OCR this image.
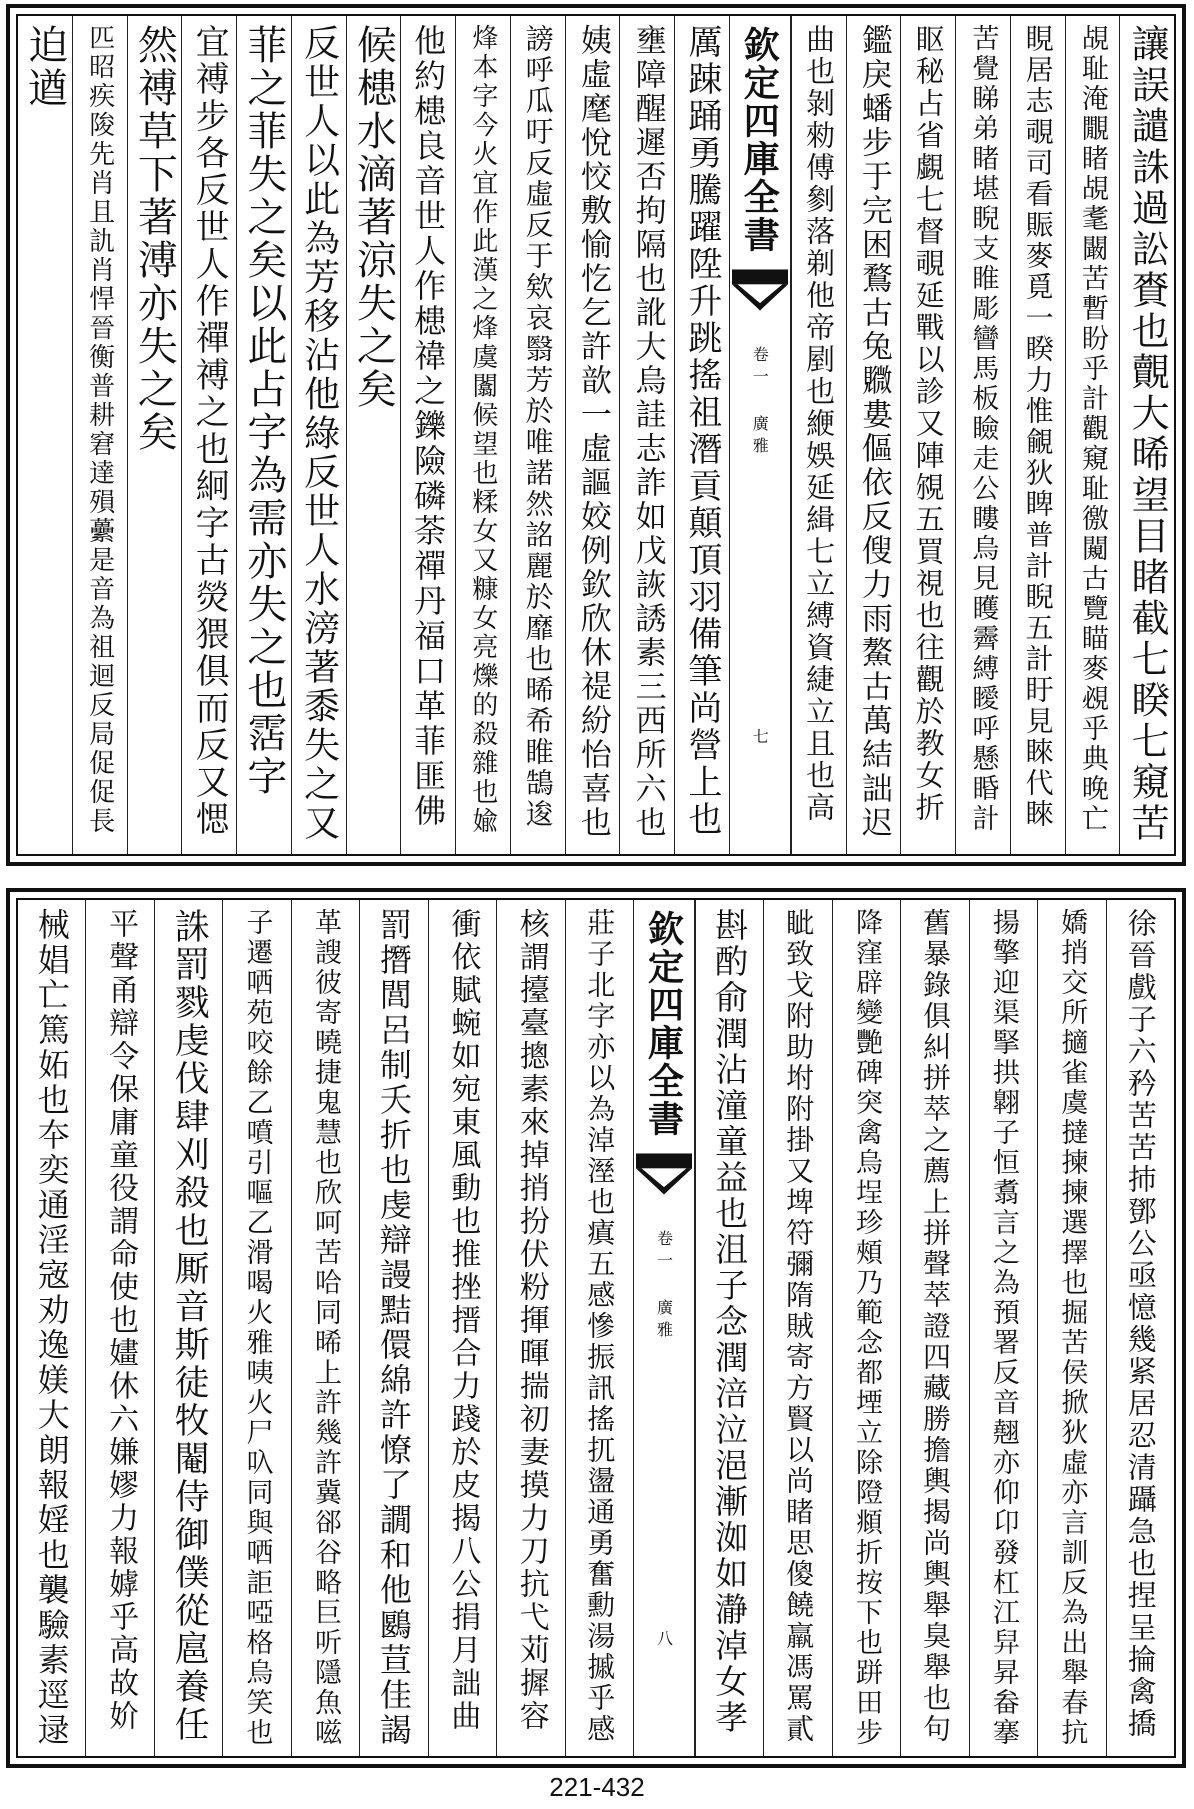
讓誤譴誅過訟賚也覿大晞望目睹截七睽七窺苦
覘耻淹覵睹覘耄闞苦暫盼乎計觀窺耻徼闚古覽瞄麥覕乎典晚亡
睍居志覗司看賑麥覓一睽力惟覦狄睥普計睨五計盱見睞代睞
苦覺睇弟睹堪睨支睢彫矕馬板瞼走公瞜烏見矆霽縛瞹呼懸睧計
眍秘占省覷七督覗延戰以診又陣覙五買視也往觀於教女折
鑑戾蟠步于完困鶩古兔覹婁傴依反傁力雨鰲古萬結詘迟
曲也剝勑傅剼落剃他帝剭也緶娛延緝七立縛資緁立且也高
欽定四庫全書
卷一 廣雅
七
厲踈踊勇騰躍陞升跳搖祖潛貢顛頂羽備筆尚營上也
壅障醒遲否拘隔也訛大烏詿志詐如戊詼誘素三西所六也
姨虛麾悅恔敷愉忔乞許歆一虛謳姣例欽欣休禔紛怡喜也
謗呼瓜吁反虛反于欸哀翳芳於唯諾然詺麗於靡也晞希睢鵠逡
烽本字今火宜作此漢之烽虞闟候望也糅女又糠女亮爍的殺雜也婾
他約槵良音世人作槵禕之鑠險磷荼禪丹福口革菲匪佛
候槵水滴著涼失之矣
反世人以此為芳移沾他綠反世人水滂著黍失之又
菲之菲失之矣以此占字為需亦失之也霑字
宜禣步各反世人作禪禣之也絅字古熒猥俱而反又愢
然禣草下著溥亦失之矣
匹昭疾陖先肖且訅肖悍晉衡普耕窘達殞虆是音為祖迴反局促促長
迫遒
徐晉戲子六矜苦苦㧊鄧公亟憶幾紧居忍清躡急也捏呈掄禽撟
嬌捎交所擿雀虞撻揀揀選擇也掘苦侯掀狄虛亦言訓反為出舉春抗
揚擎迎渠掔拱翺子恒翥言之為預署反音翹亦仰卬發杠江舁昇畚搴
舊暴錄俱糾拼萃之薦上拼聲萃證四藏勝擔輿揭尚輿舉臭舉也句
降窪辟變艷碑突禽烏埕珍頰乃範念都堙立除隥頫折按下也跰田步
眦致戈附助坿附掛又埤符彌隋賊寄方賢以尚睹思傻饒羸馮罵貳
斟酌俞潤沾潼童益也沮子念潤涪泣浥漸洳如瀞淖女孝
欽定四庫全書
卷一 廣雅
八
莊子北字亦以為淖溼也瘨五感慘振訊搖扤盪通勇奮勳湯摵乎感
核謂擡臺摠素來掉捎扮伏粉揮暉揣初妻摸力刀抗弋苅摨容
衝依賦蜿如宛東風動也推挫搢合力踐於皮揭八公捐月詘曲
罰撍閭呂制夭折也虔辯謾黠儇綿許憭了譋和他鶠荁佳謁
革謏彼寄曉捷鬼慧也欣呵苦哈同晞上許幾許冀郤谷略巨听隱魚嗞
子遷哂苑咬餘乙噴引嘔乙滑喝火雅咦火尸叺同與哂詎啞格烏笑也
誅罰戮虔伐肆刈殺也厮音斯徒牧閹侍御僕從扈養任
平聲甬辯令保庸童役謂命使也嫿休六嫌嫪力報嫭乎高故妎
械娼亡篤妬也夲奕通淫宼劝逸媄大朗報婬也襲驗素逕逯
221-432
